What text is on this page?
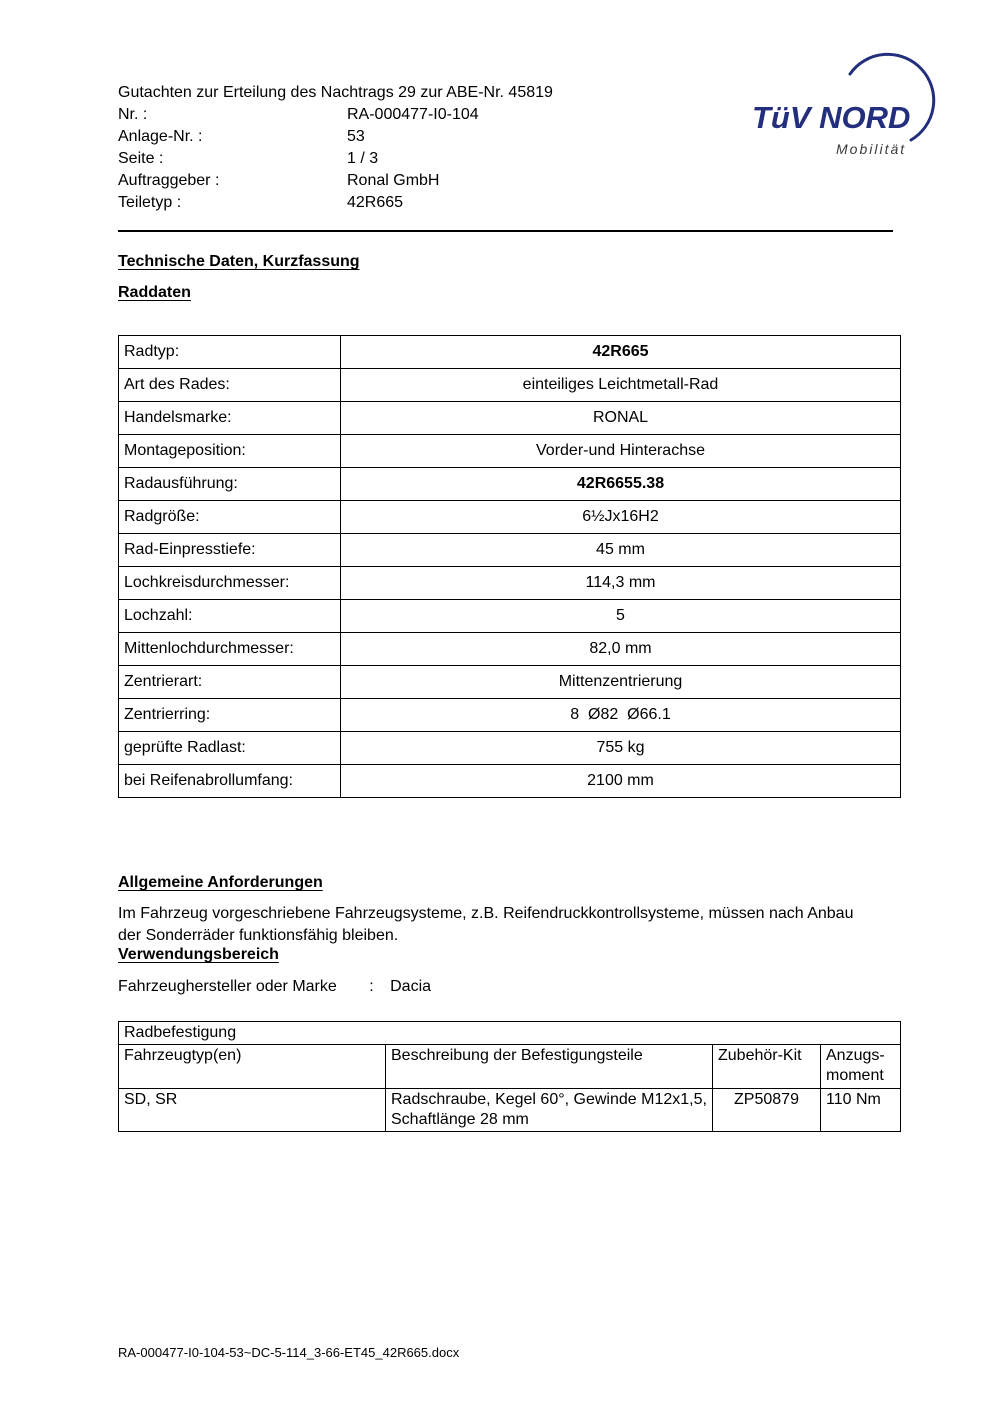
Gutachten zur Erteilung des Nachtrags 29 zur ABE-Nr. 45819
Nr. :	RA-000477-I0-104
Anlage-Nr. :	53
Seite :	1 / 3
Auftraggeber :	Ronal GmbH
Teiletyp :	42R665
TüV NORD
Mobilität
Technische Daten, Kurzfassung
Raddaten
Radtyp:	42R665
Art des Rades:	einteiliges Leichtmetall-Rad
Handelsmarke:	RONAL
Montageposition:	Vorder-und Hinterachse
Radausführung:	42R6655.38
Radgröße:	6½Jx16H2
Rad-Einpresstiefe:	45 mm
Lochkreisdurchmesser:	114,3 mm
Lochzahl:	5
Mittenlochdurchmesser:	82,0 mm
Zentrierart:	Mittenzentrierung
Zentrierring:	8  Ø82  Ø66.1
geprüfte Radlast:	755 kg
bei Reifenabrollumfang:	2100 mm
Allgemeine Anforderungen
Im Fahrzeug vorgeschriebene Fahrzeugsysteme, z.B. Reifendruckkontrollsysteme, müssen nach Anbau der Sonderräder funktionsfähig bleiben.
Verwendungsbereich
Fahrzeughersteller oder Marke : Dacia
Radbefestigung			
Fahrzeugtyp(en)	Beschreibung der Befestigungsteile	Zubehör-Kit	Anzugs-moment
SD, SR	Radschraube, Kegel 60°, Gewinde M12x1,5, Schaftlänge 28 mm	ZP50879	110 Nm
RA-000477-I0-104-53~DC-5-114_3-66-ET45_42R665.docx
